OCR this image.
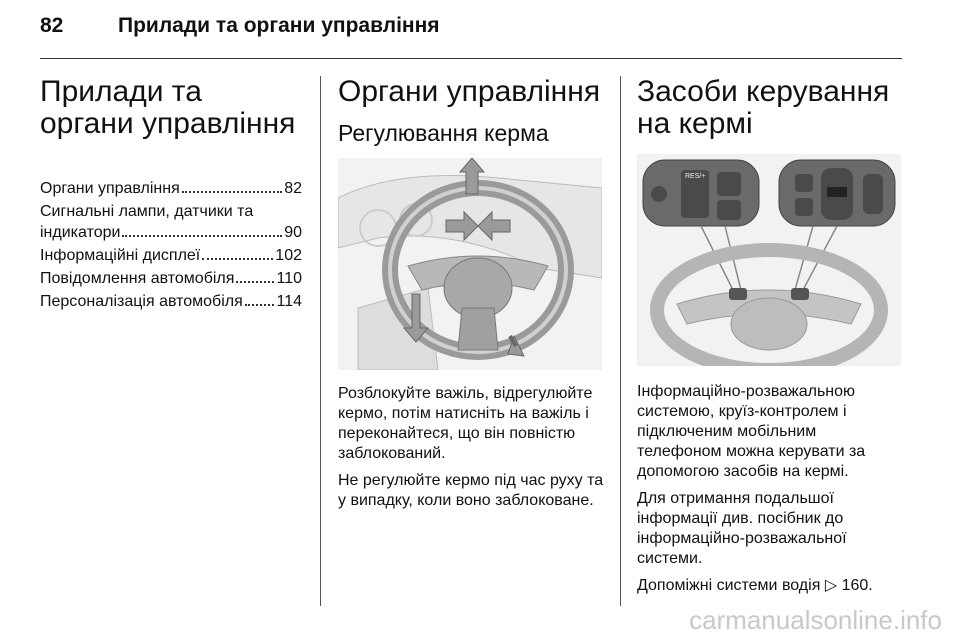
82	Прилади та органи управління
Прилади та органи управління
Органи управління	82
Сигнальні лампи, датчики та
індикатори	90
Інформаційні дисплеї	102
Повідомлення автомобіля	110
Персоналізація автомобіля 114
Органи управління
Регулювання керма

Розблокуйте важіль, відрегулюйте кермо, потім натисніть на важіль і переконайтеся, що він повністю заблокований.

Не регулюйте кермо під час руху та у випадку, коли воно заблоковане.

Засоби керування на кермі
RES/+

Інформаційно-розважальною системою, круїз-контролем і підключеним мобільним телефоном можна керувати за допомогою засобів на кермі.

Для отримання подальшої інформації див. посібник до інформаційно-розважальної системи.

Допоміжні системи водія ▷ 160.

carmanualsonline.info
